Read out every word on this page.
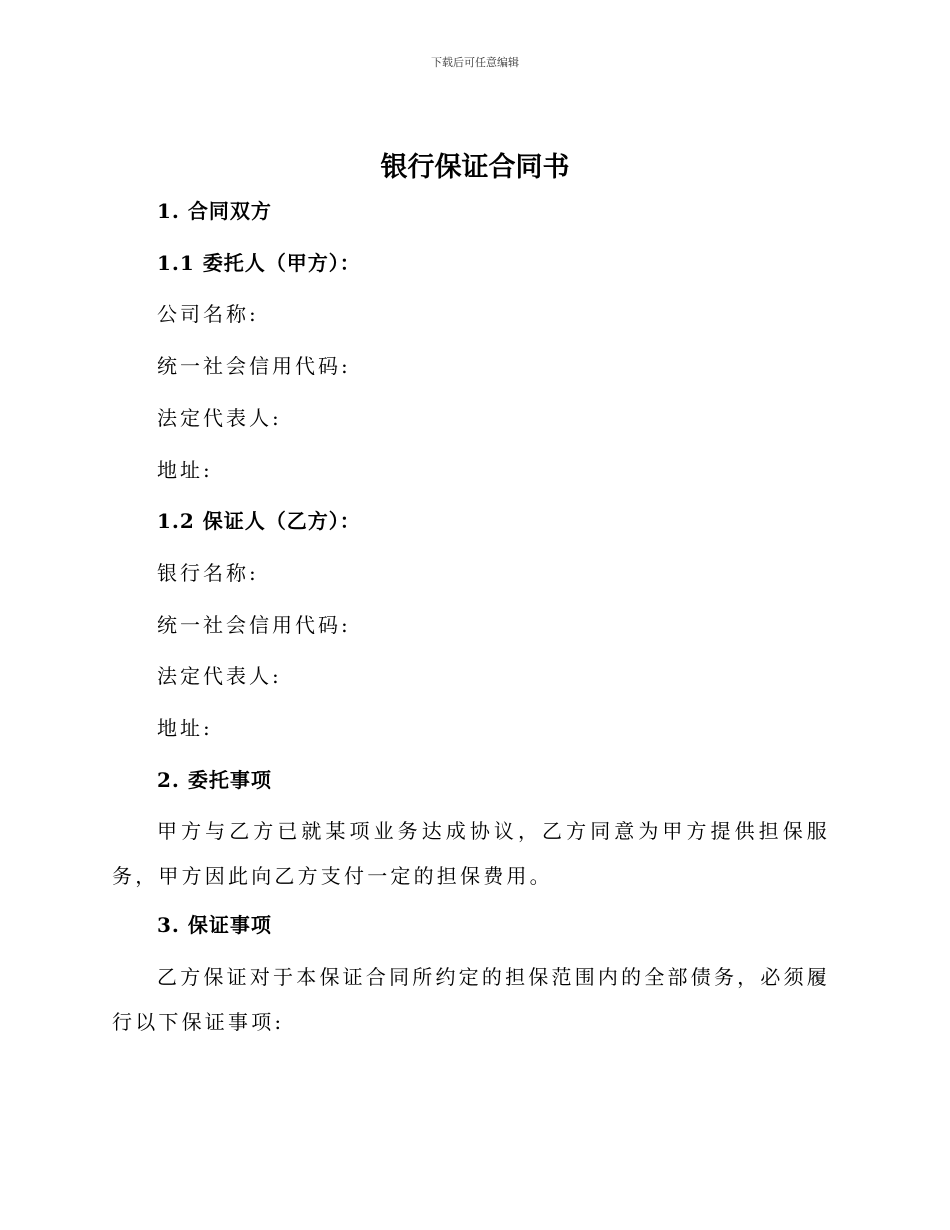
下载后可任意编辑
银行保证合同书
1. 合同双方
1.1 委托人（甲方）：
公司名称:
统一社会信用代码:
法定代表人:
地址:
1.2 保证人（乙方）：
银行名称:
统一社会信用代码:
法定代表人:
地址:
2. 委托事项
甲方与乙方已就某项业务达成协议，乙方同意为甲方提供担保服务，甲方因此向乙方支付一定的担保费用。
3. 保证事项
乙方保证对于本保证合同所约定的担保范围内的全部债务，必须履行以下保证事项:
